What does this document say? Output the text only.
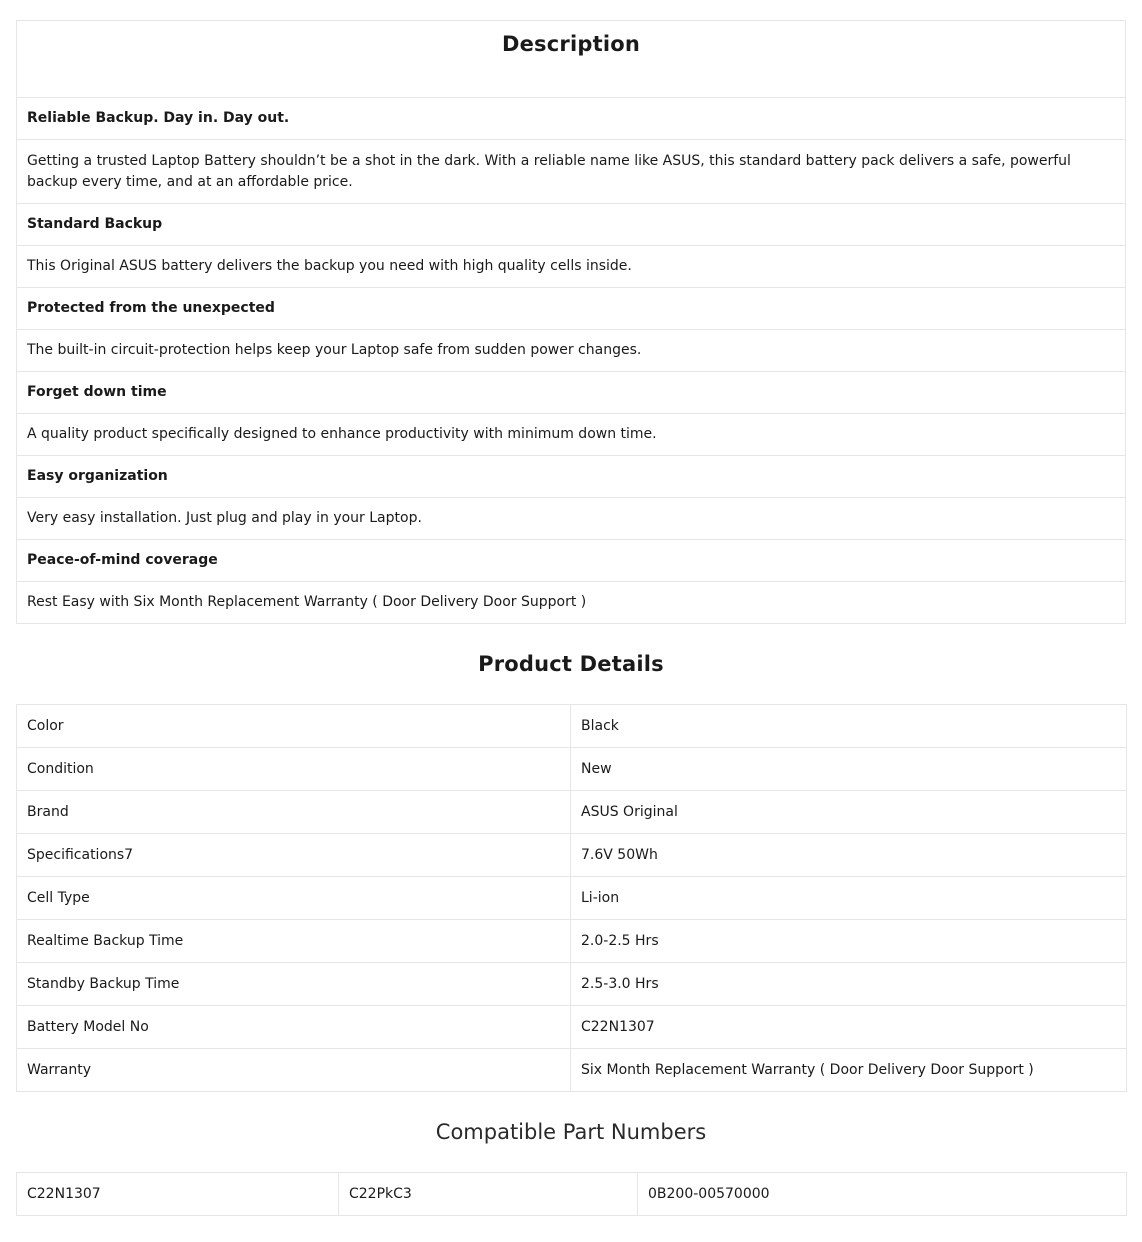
Description
Reliable Backup. Day in. Day out.
Getting a trusted Laptop Battery shouldn’t be a shot in the dark. With a reliable name like ASUS, this standard battery pack delivers a safe, powerful backup every time, and at an affordable price.
Standard Backup
This Original ASUS battery delivers the backup you need with high quality cells inside.
Protected from the unexpected
The built-in circuit-protection helps keep your Laptop safe from sudden power changes.
Forget down time
A quality product specifically designed to enhance productivity with minimum down time.
Easy organization
Very easy installation. Just plug and play in your Laptop.
Peace-of-mind coverage
Rest Easy with Six Month Replacement Warranty ( Door Delivery Door Support )
Product Details
Color	Black
Condition	New
Brand	ASUS Original
Specifications7	7.6V 50Wh
Cell Type	Li-ion
Realtime Backup Time	2.0-2.5 Hrs
Standby Backup Time	2.5-3.0 Hrs
Battery Model No	C22N1307
Warranty	Six Month Replacement Warranty ( Door Delivery Door Support )
Compatible Part Numbers
C22N1307	C22PkC3	0B200-00570000
